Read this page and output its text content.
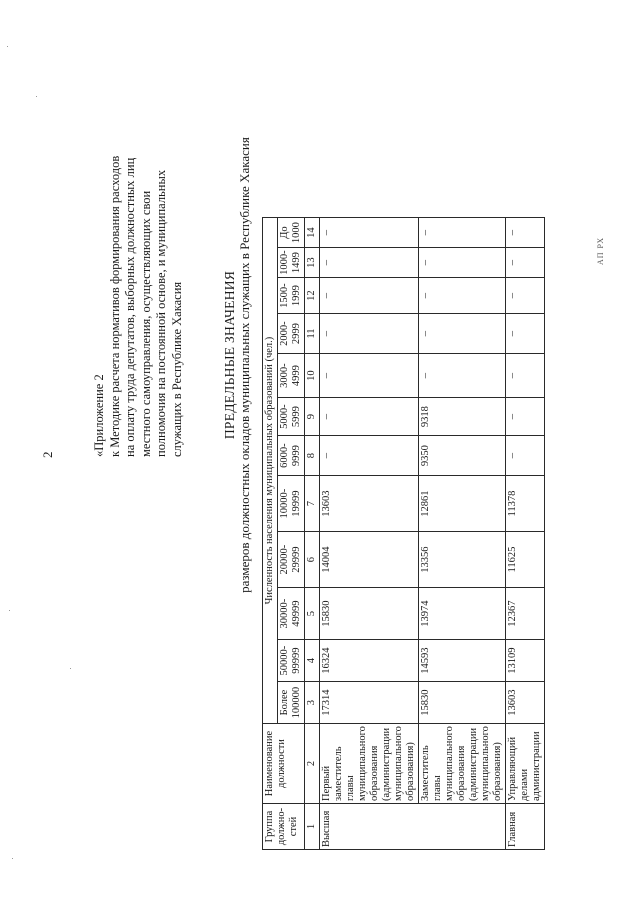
2	«Приложение 2 к Методике расчета нормативов формирования расходов на оплату труда депутатов, выборных должностных лиц местного самоуправления, осуществляющих свои полномочия на постоянной основе, и муниципальных служащих в Республике Хакасия	ПРЕДЕЛЬНЫЕ ЗНАЧЕНИЯ размеров должностных окладов муниципальных служащих в Республике Хакасия
Группа должно-стей	Наименование должности	Численность населения муниципальных образований (чел.)											
		Более 100000	50000-99999	30000-49999	20000-29999	10000-19999	6000-9999	5000-5999	3000-4999	2000-2999	1500-1999	1000-1499	До 1000
1	2	3	4	5	6	7	8	9	10	11	12	13	14
Высшая	Первый заместитель главы муниципального образования (администрации муниципального образования)	17314	16324	15830	14004	13603	–	–	–	–	–	–	–
	Заместитель главы муниципального образования (администрации муниципального образования)	15830	14593	13974	13356	12861	9350	9318	–	–	–	–	–
Главная	Управляющий делами администрации	13603	13109	12367	11625	11378	–	–	–	–	–	–	–
АП РХ
